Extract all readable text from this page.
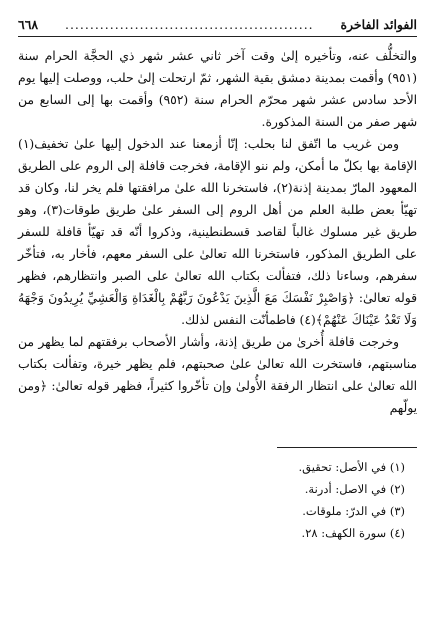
الفوائد الفاخرة
..................................................
٦٦٨

والتخلُّف عنه، وتأخيره إلىٰ وقت آخر ثاني عشر شهر ذي الحجَّة الحرام سنة (٩٥١) وأقمت بمدينة دمشق بقية الشهر، ثمّ ارتحلت إلىٰ حلب، ووصلت إليها يوم الأحد سادس عشر شهر محرّم الحرام سنة (٩٥٢) وأقمت بها إلى السابع من شهر صفر من السنة المذكورة.

ومن غريب ما اتّفق لنا بحلب: إنّا أزمعنا عند الدخول إليها علىٰ تخفيف(١) الإقامة بها بكلّ ما أمكن، ولم ننو الإقامة، فخرجت قافلة إلى الروم على الطريق المعهود المارّ بمدينة إذنة(٢)، فاستخرنا الله علىٰ مرافقتها فلم يخر لنا، وكان قد تهيّأ بعض طلبة العلم من أهل الروم إلى السفر علىٰ طريق طوقات(٣)، وهو طريق غير مسلوك غالباً لقاصد قسطنطينية، وذكروا أنّه قد تهيّأ قافلة للسفر على الطريق المذكور، فاستخرنا الله تعالىٰ على السفر معهم، فأخار به، فتأخّر سفرهم، وساءنا ذلك، فتفألت بكتاب الله تعالىٰ على الصبر وانتظارهم، فظهر قوله تعالىٰ: ﴿وَاصْبِرْ نَفْسَكَ مَعَ الَّذِينَ يَدْعُونَ رَبَّهُمْ بِالْغَدَاةِ وَالْعَشِيِّ يُرِيدُونَ وَجْهَهُ وَلَا تَعْدُ عَيْنَاكَ عَنْهُمْ﴾(٤) فاطمأنّت النفس لذلك.

وخرجت قافلة أُخرىٰ من طريق إذنة، وأشار الأصحاب برفقتهم لما يظهر من مناسبتهم، فاستخرت الله تعالىٰ علىٰ صحبتهم، فلم يظهر خيرة، وتفألت بكتاب الله تعالىٰ على انتظار الرفقة الأُولىٰ وإن تأخّروا كثيراً، فظهر قوله تعالىٰ: ﴿ومن يولّهم

(١) في الأصل: تحقيق.
(٢) في الاصل: أدرنة.
(٣) في الدرّ: ملوقات.
(٤) سورة الكهف: ٢٨.
